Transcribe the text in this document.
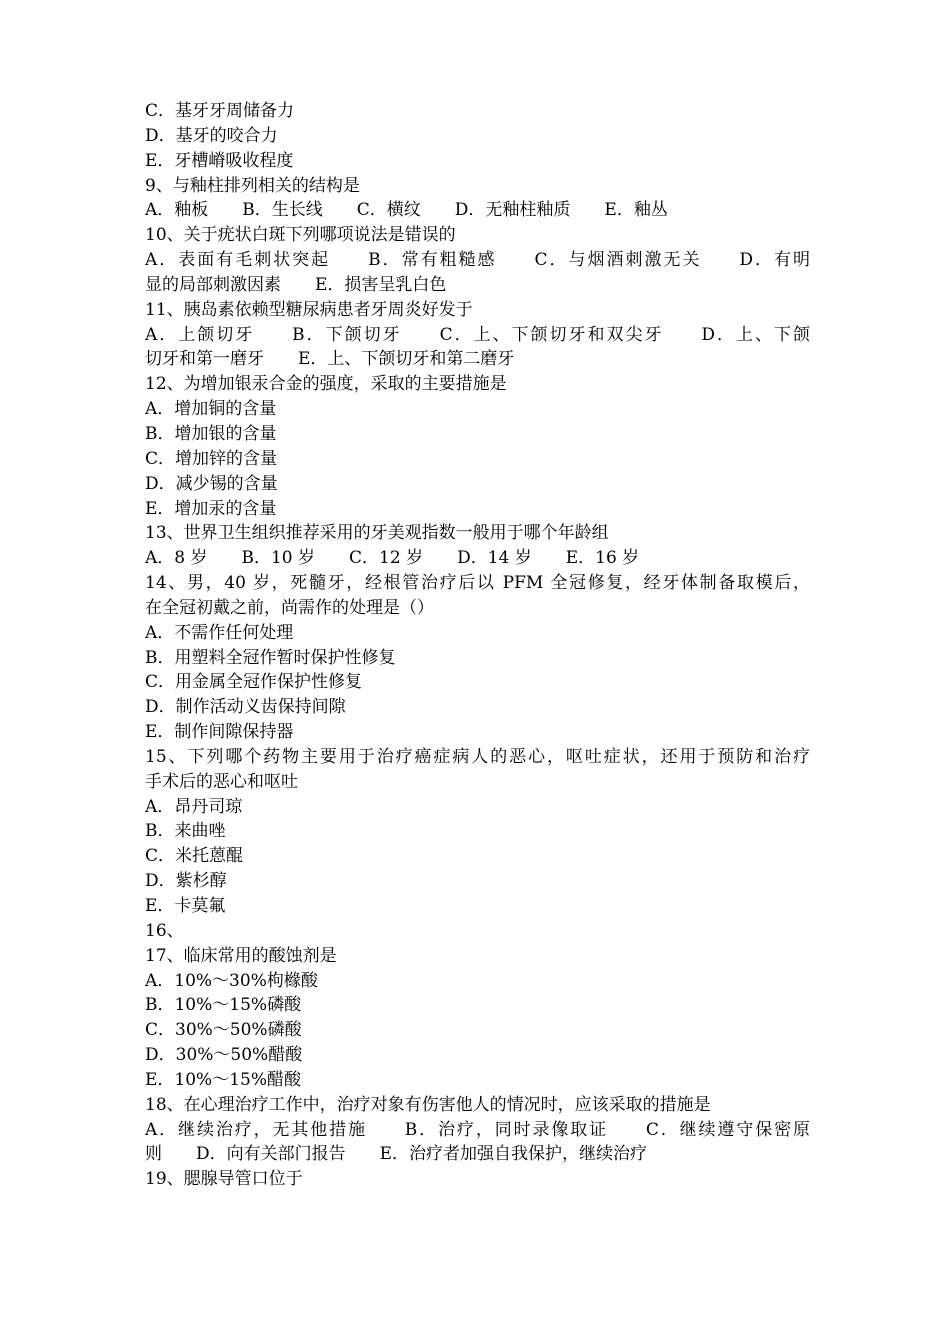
C．基牙牙周储备力
D．基牙的咬合力
E．牙槽嵴吸收程度
9、与釉柱排列相关的结构是
A．釉板　　B．生长线　　C．横纹　　D．无釉柱釉质　　E．釉丛
10、关于疣状白斑下列哪项说法是错误的
A．表面有毛刺状突起　　B．常有粗糙感　　C．与烟酒刺激无关　　D．有明
显的局部刺激因素　　E．损害呈乳白色
11、胰岛素依赖型糖尿病患者牙周炎好发于
A．上颌切牙　　B．下颌切牙　　C．上、下颌切牙和双尖牙　　D．上、下颌
切牙和第一磨牙　　E．上、下颌切牙和第二磨牙
12、为增加银汞合金的强度，采取的主要措施是
A．增加铜的含量
B．增加银的含量
C．增加锌的含量
D．减少锡的含量
E．增加汞的含量
13、世界卫生组织推荐采用的牙美观指数一般用于哪个年龄组
A．8 岁　　B．10 岁　　C．12 岁　　D．14 岁　　E．16 岁
14、男，40 岁，死髓牙，经根管治疗后以 PFM 全冠修复，经牙体制备取模后，
在全冠初戴之前，尚需作的处理是（）
A．不需作任何处理
B．用塑料全冠作暂时保护性修复
C．用金属全冠作保护性修复
D．制作活动义齿保持间隙
E．制作间隙保持器
15、下列哪个药物主要用于治疗癌症病人的恶心，呕吐症状，还用于预防和治疗
手术后的恶心和呕吐
A．昂丹司琼
B．来曲唑
C．米托蒽醌
D．紫杉醇
E．卡莫氟
16、
17、临床常用的酸蚀剂是
A．10%～30%枸橼酸
B．10%～15%磷酸
C．30%～50%磷酸
D．30%～50%醋酸
E．10%～15%醋酸
18、在心理治疗工作中，治疗对象有伤害他人的情况时，应该采取的措施是
A．继续治疗，无其他措施　　B．治疗，同时录像取证　　C．继续遵守保密原
则　　D．向有关部门报告　　E．治疗者加强自我保护，继续治疗
19、腮腺导管口位于
